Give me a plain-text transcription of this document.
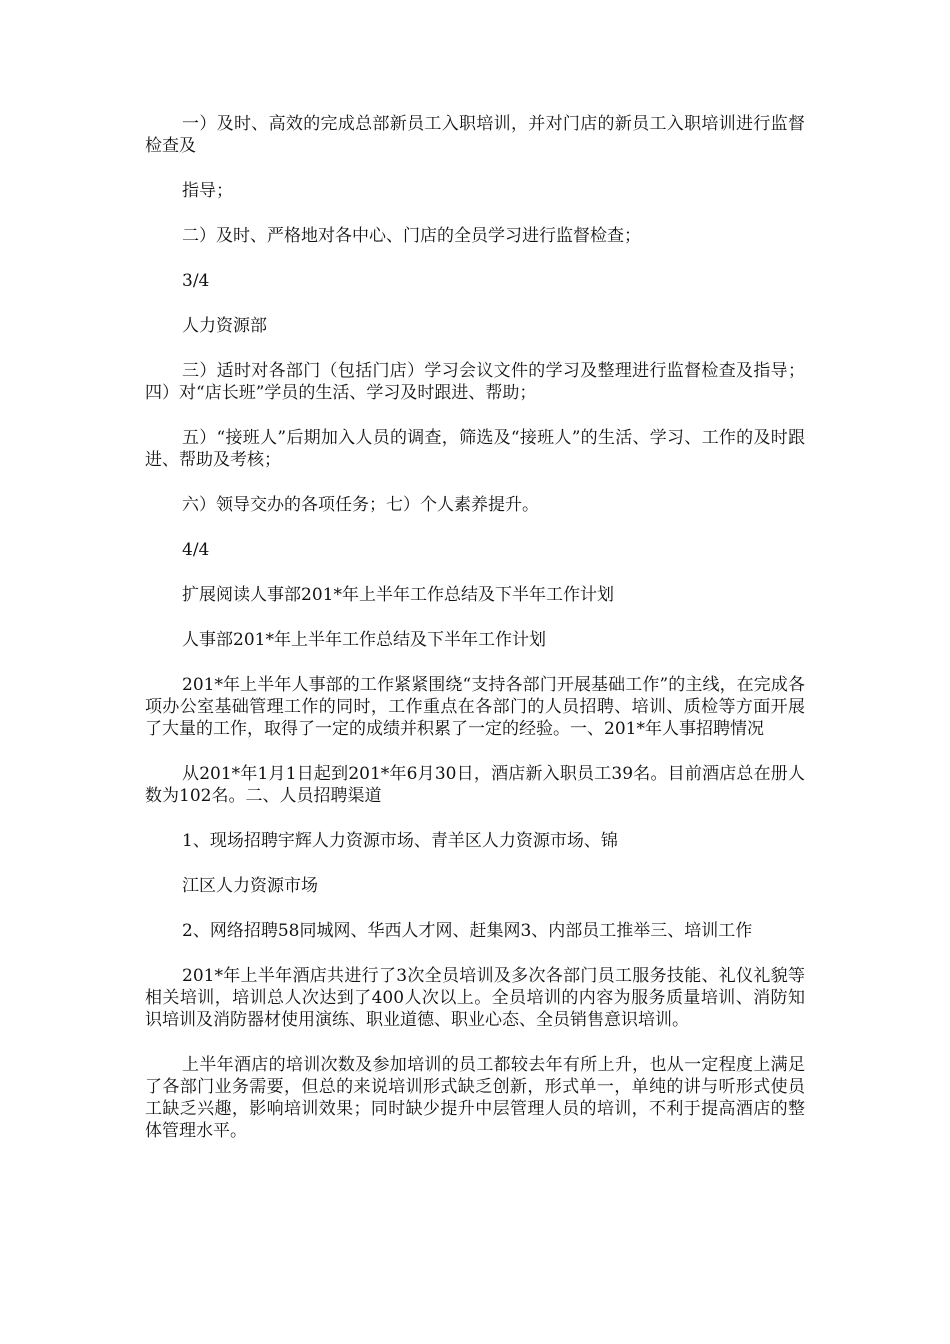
一）及时、高效的完成总部新员工入职培训，并对门店的新员工入职培训进行监督检查及

指导；

二）及时、严格地对各中心、门店的全员学习进行监督检查；

3/4

人力资源部

三）适时对各部门（包括门店）学习会议文件的学习及整理进行监督检查及指导；四）对“店长班”学员的生活、学习及时跟进、帮助；

五）“接班人”后期加入人员的调查，筛选及“接班人”的生活、学习、工作的及时跟进、帮助及考核；

六）领导交办的各项任务；七）个人素养提升。

4/4

扩展阅读人事部201*年上半年工作总结及下半年工作计划

人事部201*年上半年工作总结及下半年工作计划

201*年上半年人事部的工作紧紧围绕“支持各部门开展基础工作”的主线，在完成各项办公室基础管理工作的同时，工作重点在各部门的人员招聘、培训、质检等方面开展了大量的工作，取得了一定的成绩并积累了一定的经验。一、201*年人事招聘情况

从201*年1月1日起到201*年6月30日，酒店新入职员工39名。目前酒店总在册人数为102名。二、人员招聘渠道

1、现场招聘宇辉人力资源市场、青羊区人力资源市场、锦

江区人力资源市场

2、网络招聘58同城网、华西人才网、赶集网3、内部员工推举三、培训工作

201*年上半年酒店共进行了3次全员培训及多次各部门员工服务技能、礼仪礼貌等相关培训，培训总人次达到了400人次以上。全员培训的内容为服务质量培训、消防知识培训及消防器材使用演练、职业道德、职业心态、全员销售意识培训。

上半年酒店的培训次数及参加培训的员工都较去年有所上升，也从一定程度上满足了各部门业务需要，但总的来说培训形式缺乏创新，形式单一，单纯的讲与听形式使员工缺乏兴趣，影响培训效果；同时缺少提升中层管理人员的培训，不利于提高酒店的整体管理水平。
